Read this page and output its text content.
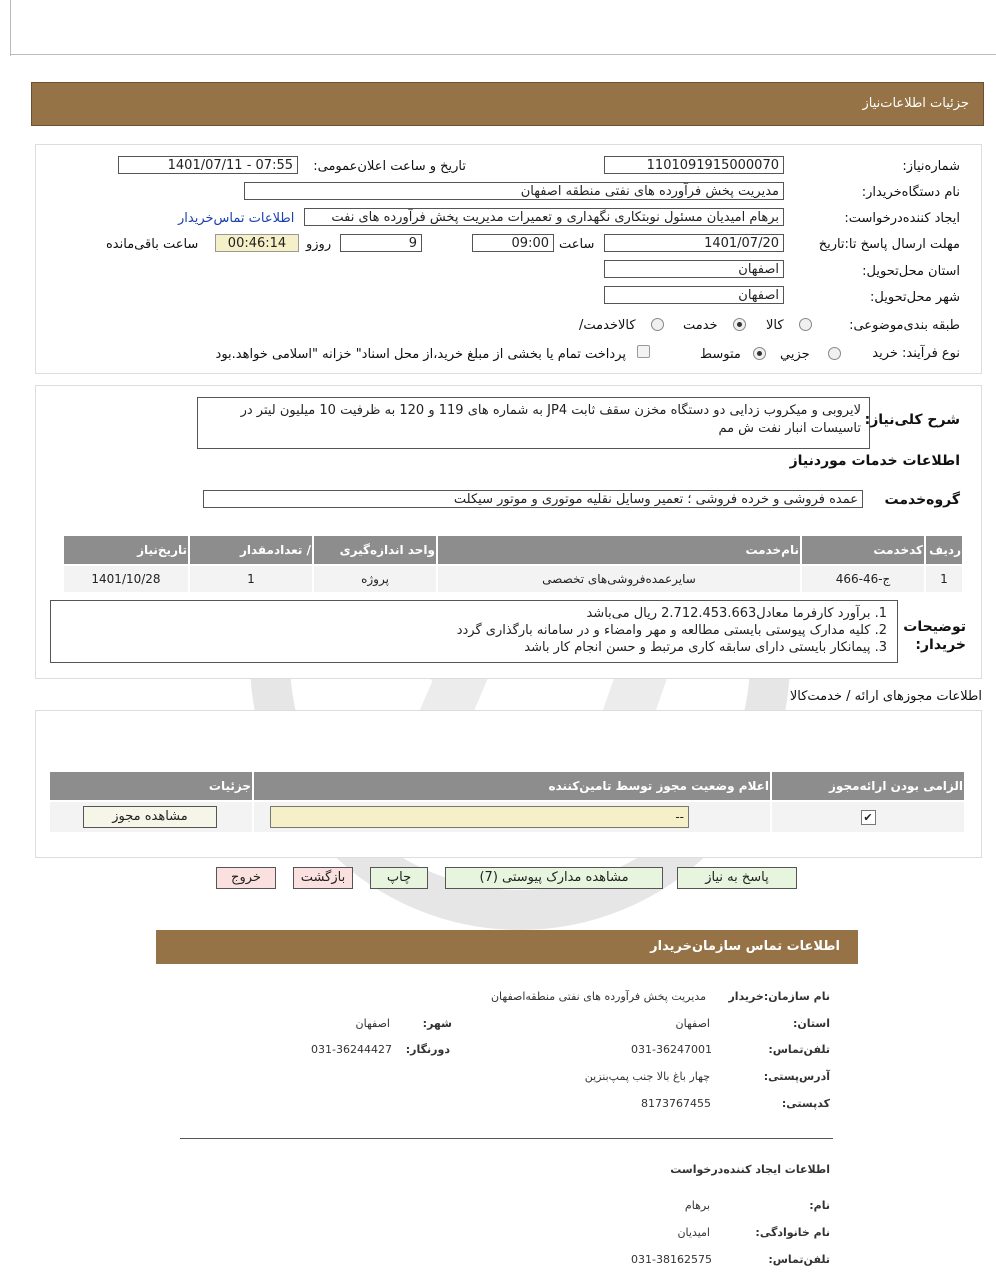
جزئیات اطلاعات‌نیاز
شماره‌نیاز:
1101091915000070
تاریخ و ساعت اعلان‌عمومی:
1401/07/11 - 07:55
نام دستگاه‌خریدار:
مدیریت پخش فرآورده های نفتی منطقه اصفهان
ایجاد کننده‌درخواست:
برهام امیدیان مسئول نوبتکاری نگهداری و تعمیرات مدیریت پخش فرآورده های نفت
اطلاعات تماس‌خریدار
مهلت ارسال پاسخ تا:تاریخ
1401/07/20
ساعت
09:00
9
روزو
00:46:14
ساعت باقی‌مانده
استان محل‌تحویل:
اصفهان
شهر محل‌تحویل:
اصفهان
طبقه بندی‌موضوعی:
کالا
خدمت
/کالاخدمت
نوع فرآیند: خرید
جزیي
متوسط
پرداخت تمام یا بخشی از مبلغ خرید،از محل اسناد" خزانه "اسلامی خواهد.بود
شرح کلی‌نیاز:
لایروبی و میکروب زدایی دو دستگاه مخزن سقف ثابت JP4 به شماره های 119 و 120 به ظرفیت 10 میلیون لیتر در تاسیسات انبار نفت ش مم
اطلاعات خدمات موردنیاز
گروه‌خدمت
عمده فروشی و خرده فروشی ؛ تعمیر وسایل نقلیه موتوری و موتور سیکلت
ردیف	کدخدمت	نام‌خدمت	واحد اندازه‌گیری	/ تعدادمقدار	تاریخ‌نیاز
1	ج-46-466	سایرعمده‌فروشی‌های تخصصی	پروژه	1	1401/10/28
توضیحات خریدار:
1. برآورد کارفرما معادل2.712.453.663 ریال می‌باشد
2. کلیه مدارک پیوستی بایستی مطالعه و مهر وامضاء و در سامانه بارگذاری گردد
3. پیمانکار بایستی دارای سابقه کاری مرتبط و حسن انجام کار باشد
اطلاعات مجوزهای ارائه / خدمت‌کالا
الزامی بودن ارائه‌مجوز	اعلام وضعیت مجوز توسط تامین‌کننده	جزئیات
✔	--	مشاهده مجوز
پاسخ به نیاز
مشاهده مدارک پیوستی (7)
چاپ
بازگشت
خروج
اطلاعات تماس سازمان‌خریدار
نام سازمان:خریدار
مدیریت پخش فرآورده های نفتی منطقه‌اصفهان
استان:
اصفهان
شهر:
اصفهان
تلفن‌تماس:
031-36247001
دورنگار:
031-36244427
آدرس‌پستی:
چهار باغ بالا جنب پمپ‌بنزین
کد‌پستی:
8173767455
اطلاعات ایجاد کننده‌درخواست
نام:
برهام
نام خانوادگی:
امیدیان
تلفن‌تماس:
031-38162575
